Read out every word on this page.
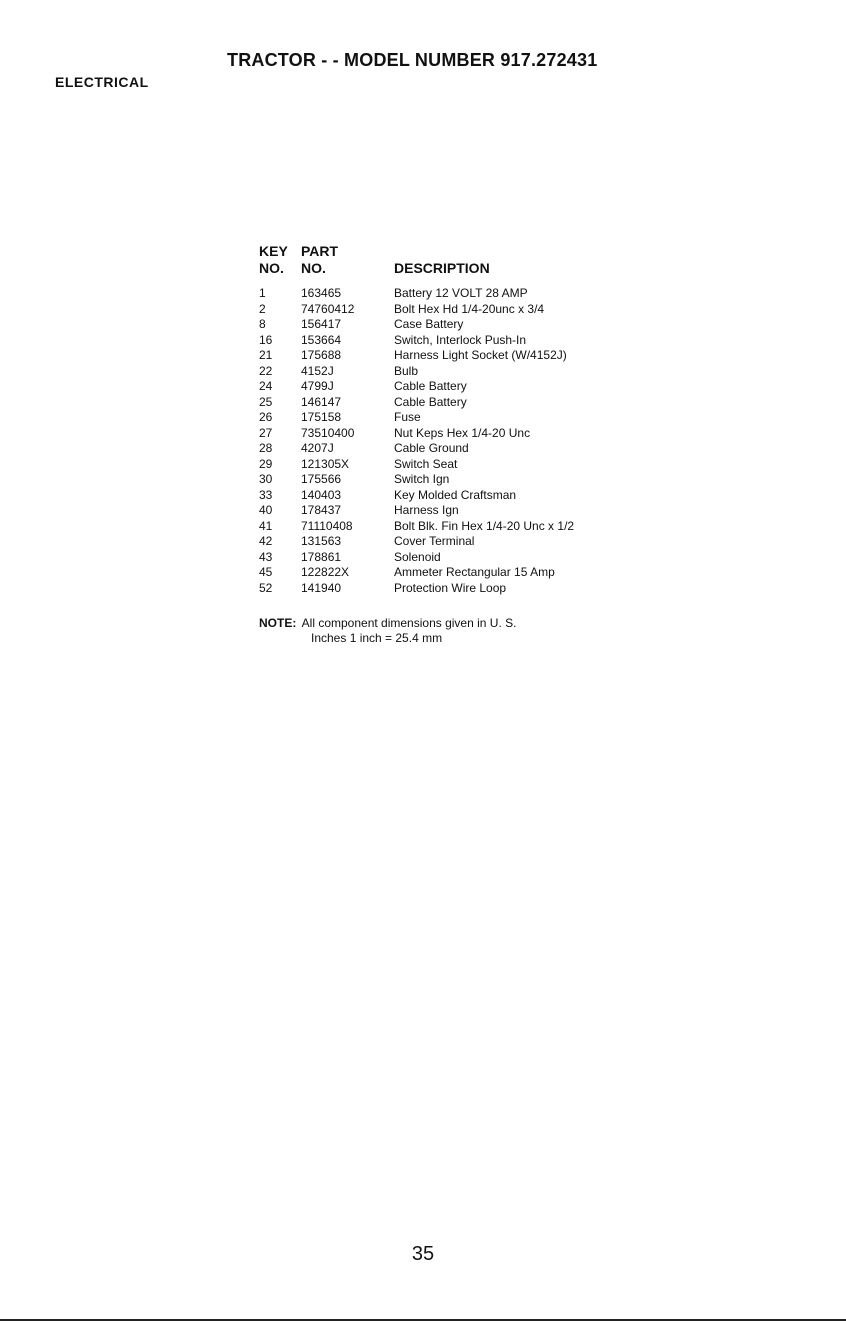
TRACTOR - - MODEL NUMBER 917.272431
ELECTRICAL
KEY PART
NO. NO.	DESCRIPTION
1	163465	Battery 12 VOLT 28 AMP
2	74760412	Bolt Hex Hd 1/4-20unc x 3/4
8	156417	Case Battery
16 153664	Switch, Interlock Push-In
21 175688	Harness Light Socket (W/4152J)
22 4152J	Bulb
24 4799J	Cable Battery
25 146147	Cable Battery
26 175158	Fuse
27 73510400	Nut Keps Hex 1/4-20 Unc
28 4207J	Cable Ground
29 121305X	Switch Seat
30 175566	Switch Ign
33 140403	Key Molded Craftsman
40 178437	Harness Ign
41 71110408	Bolt Blk. Fin Hex 1/4-20 Unc x 1/2
42 131563	Cover Terminal
43 178861	Solenoid
45 122822X	Ammeter Rectangular 15 Amp
52 141940	Protection Wire Loop
NOTE: All component dimensions given in U. S.
Inches 1 inch = 25.4 mm
35
